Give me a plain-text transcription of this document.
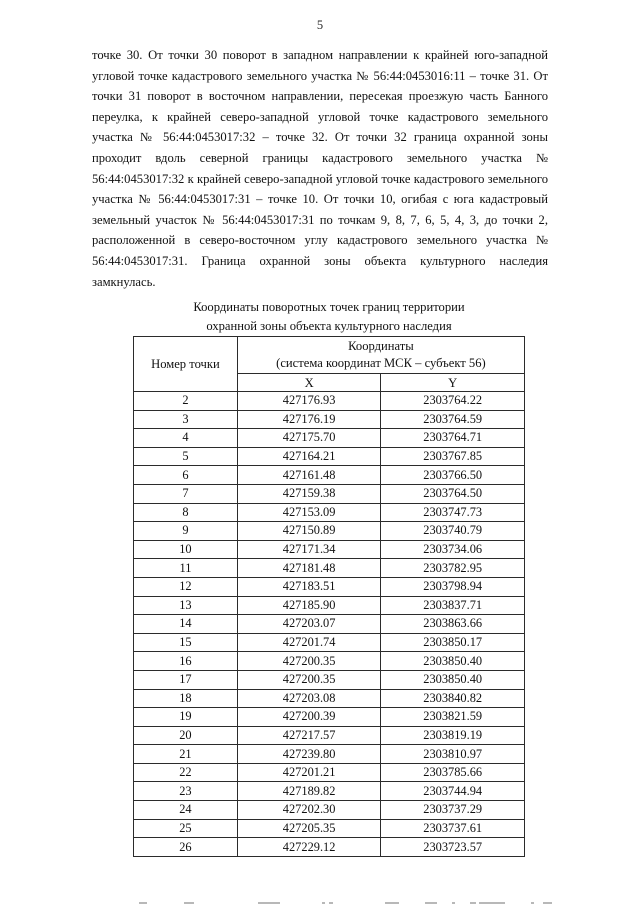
5

точке 30. От точки 30 поворот в западном направлении к крайней юго-западной угловой точке кадастрового земельного участка № 56:44:0453016:11 – точке 31. От точки 31 поворот в восточном направлении, пересекая проезжую часть Банного переулка, к крайней северо-западной угловой точке кадастрового земельного участка № 56:44:0453017:32 – точке 32. От точки 32 граница охранной зоны проходит вдоль северной границы кадастрового земельного участка № 56:44:0453017:32 к крайней северо-западной угловой точке кадастрового земельного участка № 56:44:0453017:31 – точке 10. От точки 10, огибая с юга кадастровый земельный участок № 56:44:0453017:31 по точкам 9, 8, 7, 6, 5, 4, 3, до точки 2, расположенной в северо-восточном углу кадастрового земельного участка № 56:44:0453017:31. Граница охранной зоны объекта культурного наследия замкнулась.

Координаты поворотных точек границ территории
охранной зоны объекта культурного наследия
Номер точки	Координаты
(система координат МСК – субъект 56)	

	X	Y
2	427176.93	2303764.22
3	427176.19	2303764.59
4	427175.70	2303764.71
5	427164.21	2303767.85
6	427161.48	2303766.50
7	427159.38	2303764.50
8	427153.09	2303747.73
9	427150.89	2303740.79
10	427171.34	2303734.06
11	427181.48	2303782.95
12	427183.51	2303798.94
13	427185.90	2303837.71
14	427203.07	2303863.66
15	427201.74	2303850.17
16	427200.35	2303850.40
17	427200.35	2303850.40
18	427203.08	2303840.82
19	427200.39	2303821.59
20	427217.57	2303819.19
21	427239.80	2303810.97
22	427201.21	2303785.66
23	427189.82	2303744.94
24	427202.30	2303737.29
25	427205.35	2303737.61
26	427229.12	2303723.57
